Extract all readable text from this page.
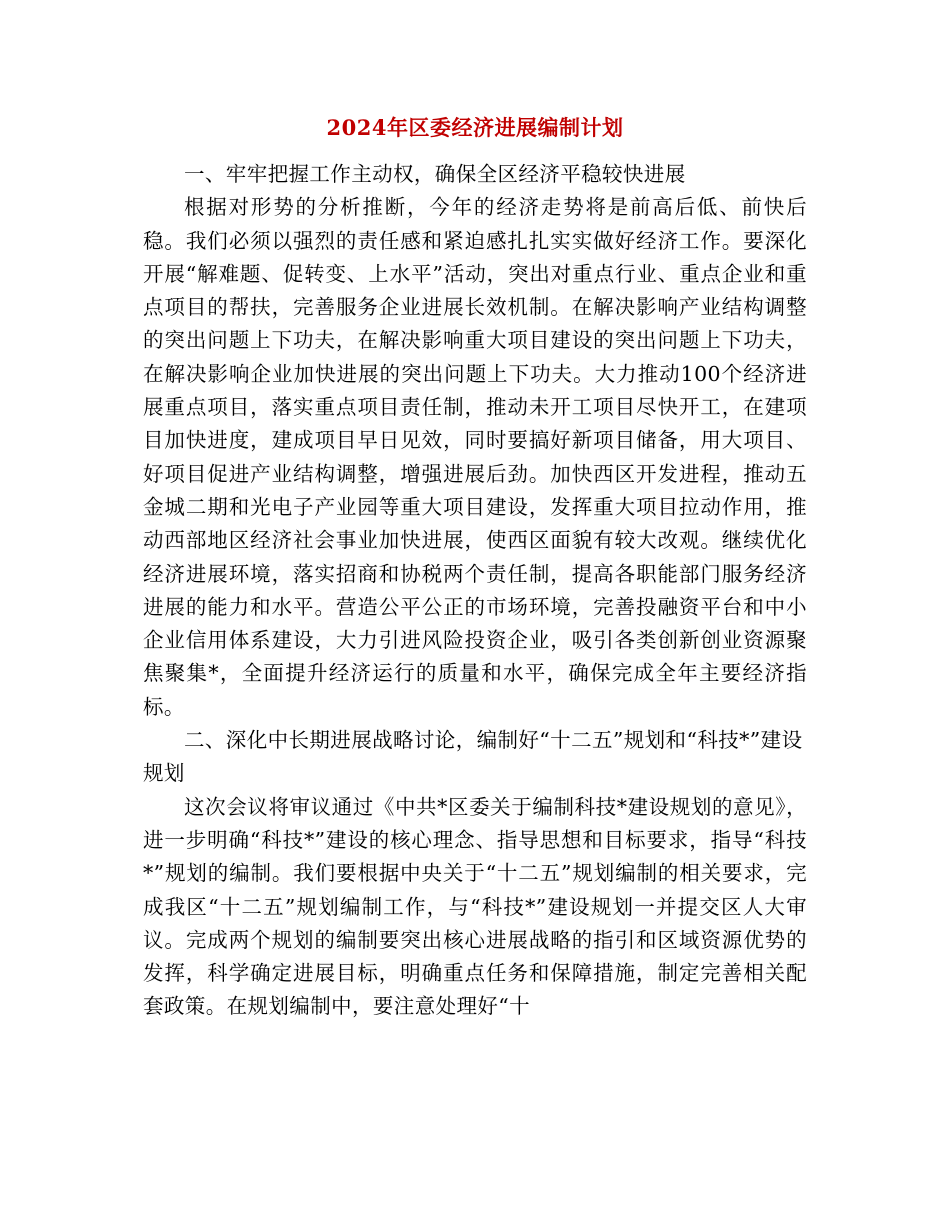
2024年区委经济进展编制计划

一、牢牢把握工作主动权，确保全区经济平稳较快进展

根据对形势的分析推断，今年的经济走势将是前高后低、前快后稳。我们必须以强烈的责任感和紧迫感扎扎实实做好经济工作。要深化开展“解难题、促转变、上水平”活动，突出对重点行业、重点企业和重点项目的帮扶，完善服务企业进展长效机制。在解决影响产业结构调整的突出问题上下功夫，在解决影响重大项目建设的突出问题上下功夫，在解决影响企业加快进展的突出问题上下功夫。大力推动100个经济进展重点项目，落实重点项目责任制，推动未开工项目尽快开工，在建项目加快进度，建成项目早日见效，同时要搞好新项目储备，用大项目、好项目促进产业结构调整，增强进展后劲。加快西区开发进程，推动五金城二期和光电子产业园等重大项目建设，发挥重大项目拉动作用，推动西部地区经济社会事业加快进展，使西区面貌有较大改观。继续优化经济进展环境，落实招商和协税两个责任制，提高各职能部门服务经济进展的能力和水平。营造公平公正的市场环境，完善投融资平台和中小企业信用体系建设，大力引进风险投资企业，吸引各类创新创业资源聚焦聚集*，全面提升经济运行的质量和水平，确保完成全年主要经济指标。

二、深化中长期进展战略讨论，编制好“十二五”规划和“科技*”建设规划

这次会议将审议通过《中共*区委关于编制科技*建设规划的意见》，进一步明确“科技*”建设的核心理念、指导思想和目标要求，指导“科技*”规划的编制。我们要根据中央关于“十二五”规划编制的相关要求，完成我区“十二五”规划编制工作，与“科技*”建设规划一并提交区人大审议。完成两个规划的编制要突出核心进展战略的指引和区域资源优势的发挥，科学确定进展目标，明确重点任务和保障措施，制定完善相关配套政策。在规划编制中，要注意处理好“十
